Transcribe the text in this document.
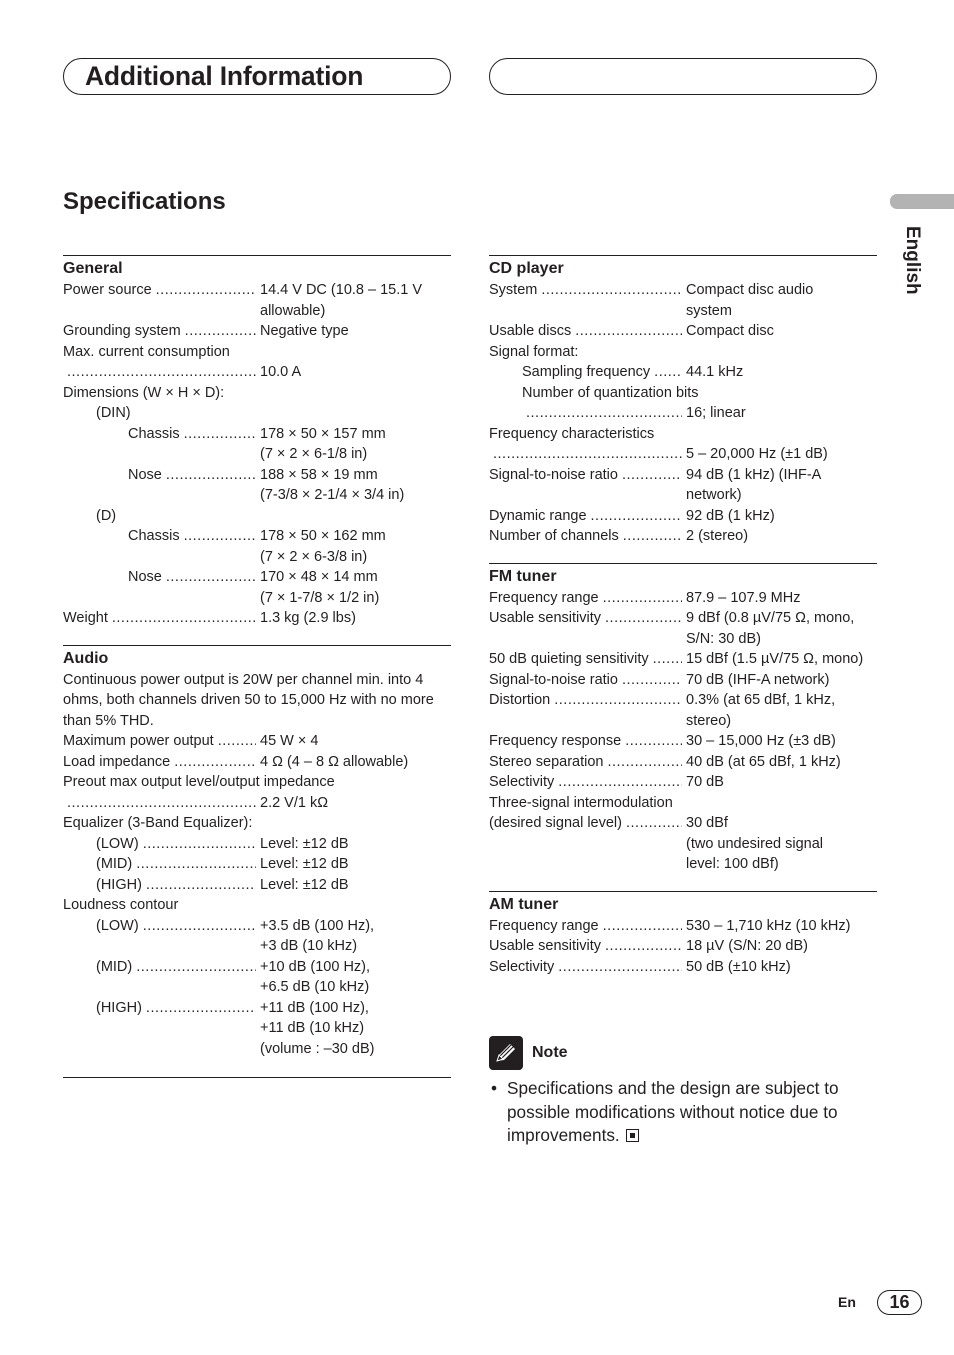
Additional Information
Specifications
English
General
Power source .....	14.4 V DC (10.8 – 15.1 V
allowable)
Grounding system .....	Negative type
Max. current consumption
.....
10.0 A
Dimensions (W × H × D):
(DIN)
Chassis .....	178 × 50 × 157 mm
(7 × 2 × 6-1/8 in)
Nose .....	188 × 58 × 19 mm
(7-3/8 × 2-1/4 × 3/4 in)
(D)
Chassis .....	178 × 50 × 162 mm
(7 × 2 × 6-3/8 in)
Nose .....	170 × 48 × 14 mm
(7 × 1-7/8 × 1/2 in)
Weight .....	1.3 kg (2.9 lbs)
Audio
Continuous power output is 20W per channel min. into 4 ohms, both channels driven 50 to 15,000 Hz with no more than 5% THD.
Maximum power output .....	45 W × 4
Load impedance .....	4 Ω (4 – 8 Ω allowable)
Preout max output level/output impedance
.....
2.2 V/1 kΩ
Equalizer (3-Band Equalizer):
(LOW) .....	Level: ±12 dB
(MID) .....	Level: ±12 dB
(HIGH) .....	Level: ±12 dB
Loudness contour
(LOW) .....	+3.5 dB (100 Hz),
+3 dB (10 kHz)
(MID) .....	+10 dB (100 Hz),
+6.5 dB (10 kHz)
(HIGH) .....	+11 dB (100 Hz),
+11 dB (10 kHz)
(volume : –30 dB)
CD player
System .....	Compact disc audio
system
Usable discs .....	Compact disc
Signal format:
Sampling frequency ..... 44.1 kHz
Number of quantization bits
.....
16; linear
Frequency characteristics
.....
5 – 20,000 Hz (±1 dB)
Signal-to-noise ratio .....	94 dB (1 kHz) (IHF-A
network)
Dynamic range .....	92 dB (1 kHz)
Number of channels .....	2 (stereo)
FM tuner
Frequency range .....	87.9 – 107.9 MHz
Usable sensitivity .....	9 dBf (0.8 µV/75 Ω, mono,
S/N: 30 dB)
50 dB quieting sensitivity .....	15 dBf (1.5 µV/75 Ω, mono)
Signal-to-noise ratio .....	70 dB (IHF-A network)
Distortion .....	0.3% (at 65 dBf, 1 kHz,
stereo)
Frequency response .....	30 – 15,000 Hz (±3 dB)
Stereo separation .....	40 dB (at 65 dBf, 1 kHz)
Selectivity .....	70 dB
Three-signal intermodulation
(desired signal level) .....	30 dBf
(two undesired signal
level: 100 dBf)
AM tuner
Frequency range .....	530 – 1,710 kHz (10 kHz)
Usable sensitivity .....	18 µV (S/N: 20 dB)
Selectivity .....	50 dB (±10 kHz)
Note
• Specifications and the design are subject to possible modifications without notice due to improvements.
En	16
